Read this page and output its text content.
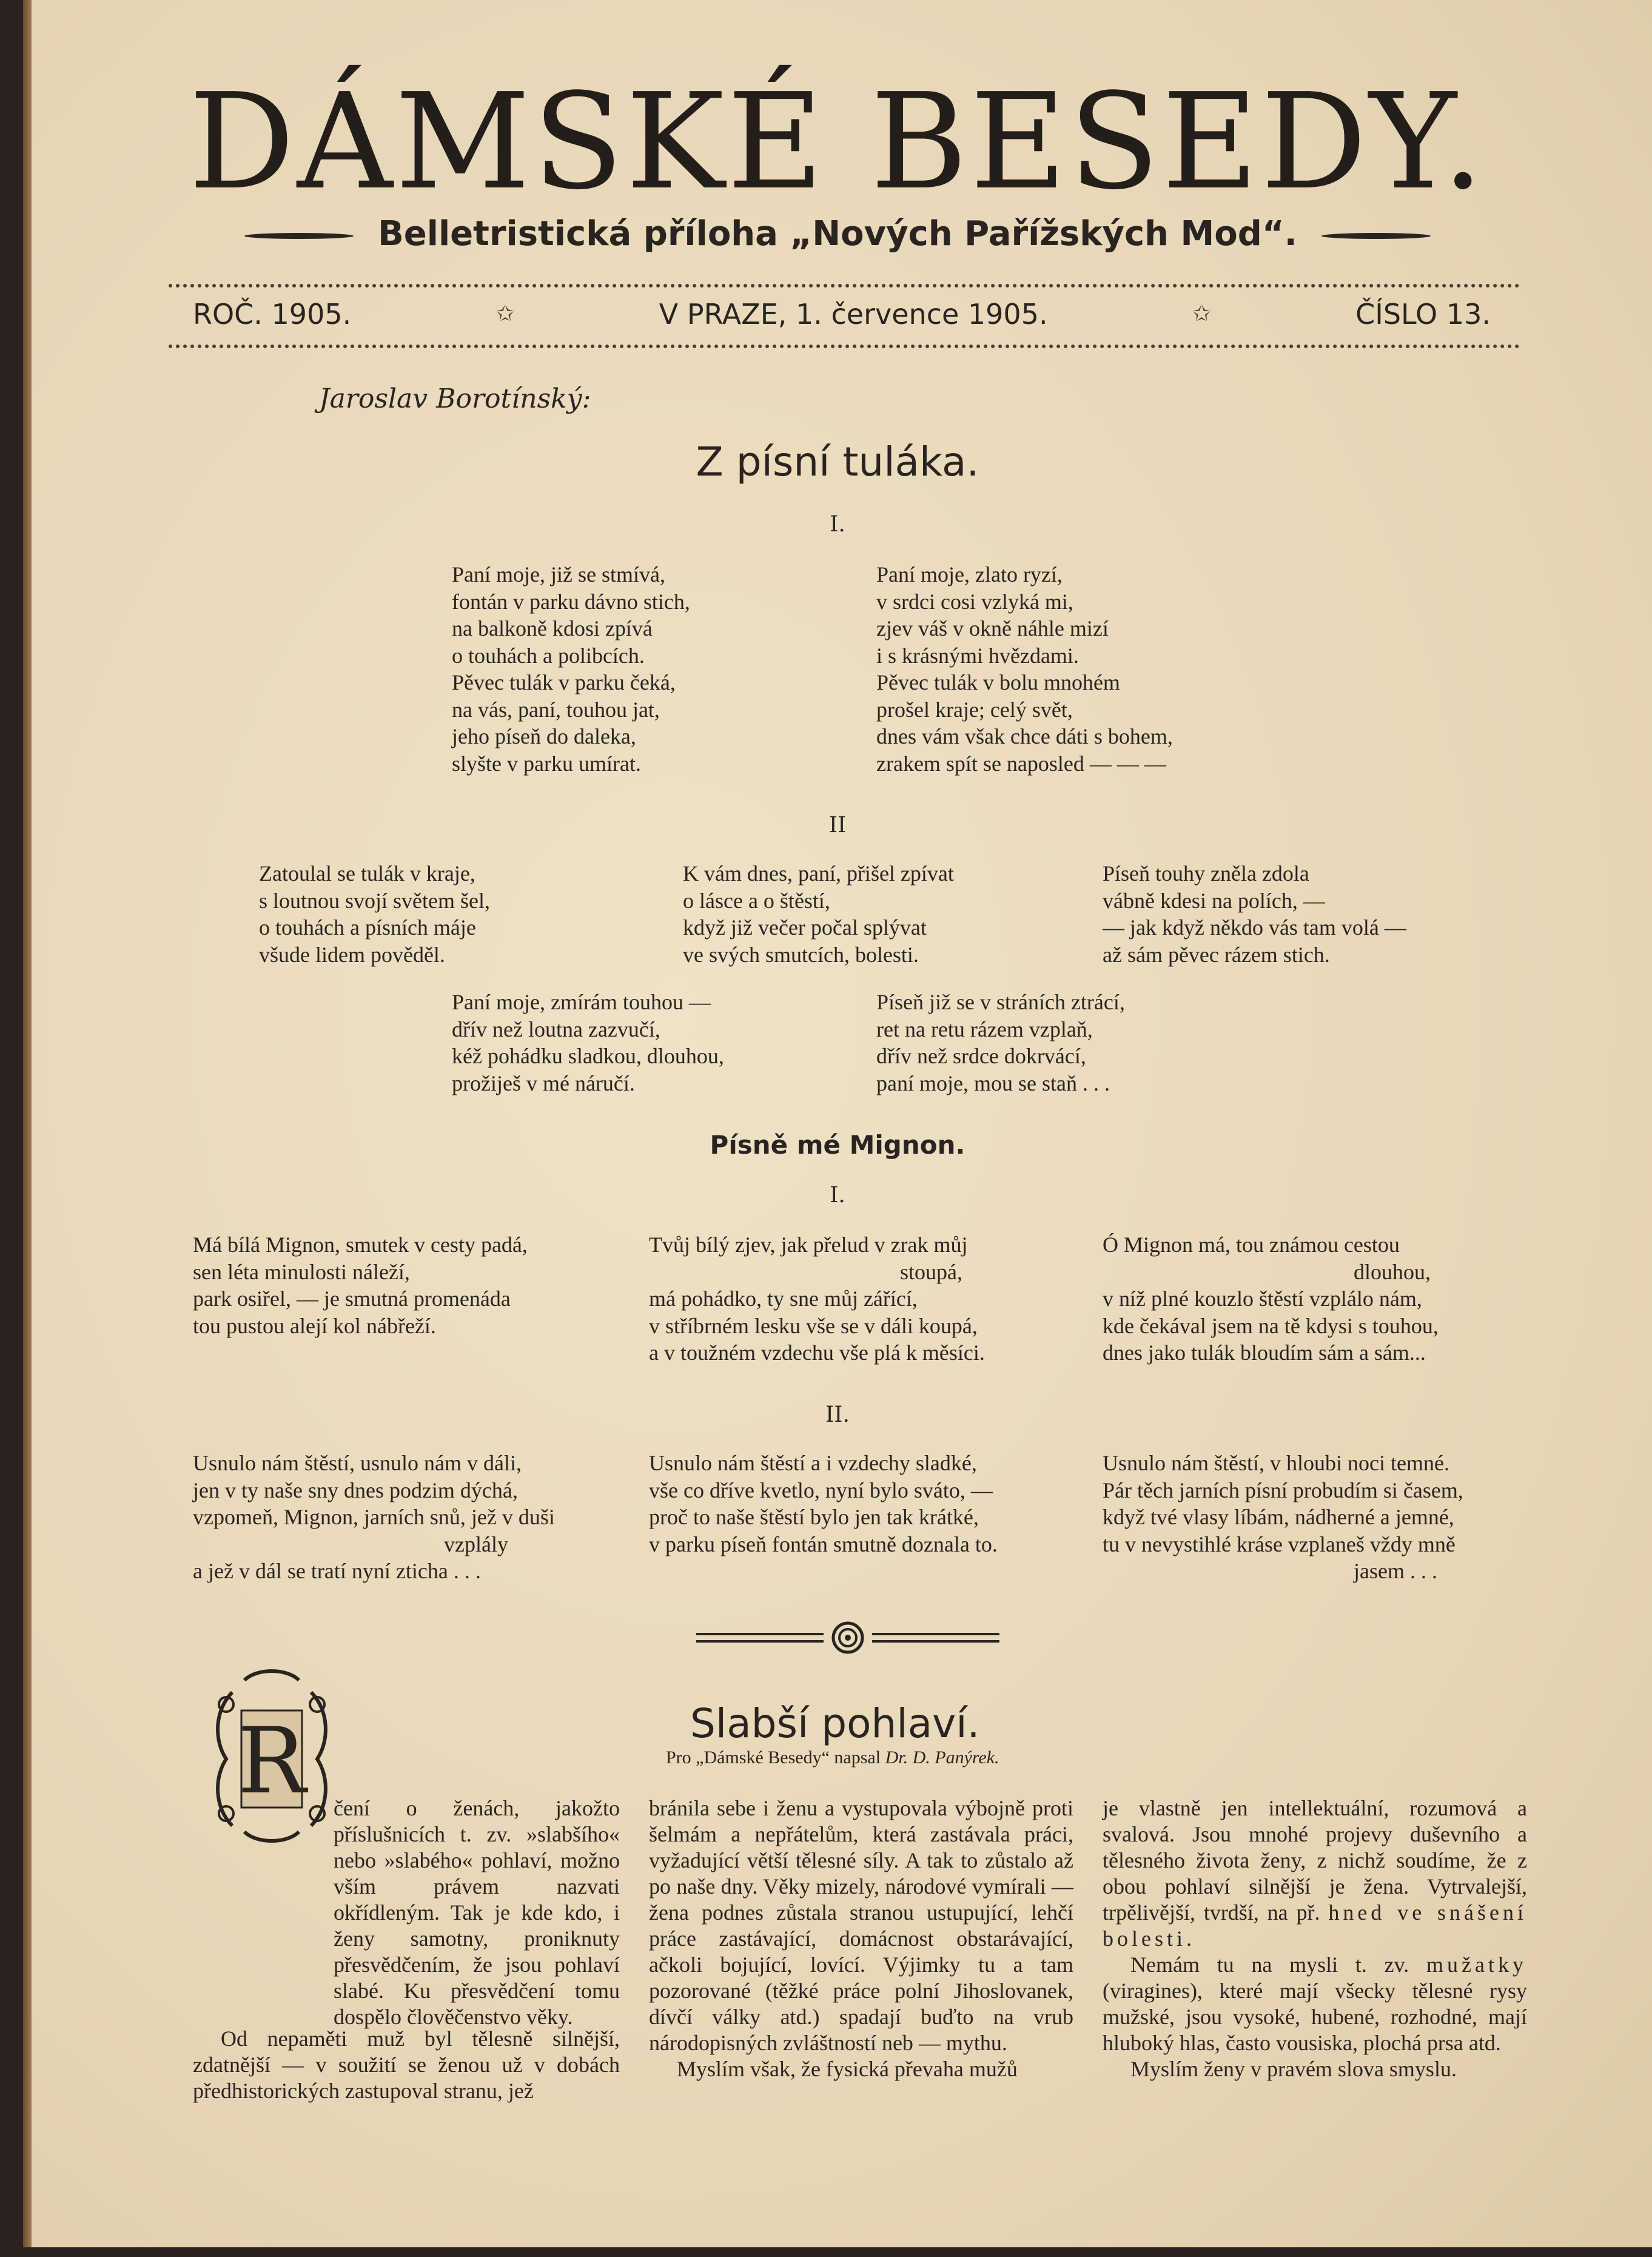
DÁMSKÉ BESEDY.
Belletristická příloha „Nových Pařížských Mod“.
ROČ. 1905.	✩	V PRAZE, 1. července 1905.	✩	ČÍSLO 13.
Jaroslav Borotínský:
Z písní tuláka.
I.
Paní moje, již se stmívá,
fontán v parku dávno stich,
na balkoně kdosi zpívá
o touhách a polibcích.
Pěvec tulák v parku čeká,
na vás, paní, touhou jat,
jeho píseň do daleka,
slyšte v parku umírat.
Paní moje, zlato ryzí,
v srdci cosi vzlyká mi,
zjev váš v okně náhle mizí
i s krásnými hvězdami.
Pěvec tulák v bolu mnohém
prošel kraje; celý svět,
dnes vám však chce dáti s bohem,
zrakem spít se naposled — — —
II
Zatoulal se tulák v kraje,
s loutnou svojí světem šel,
o touhách a písních máje
všude lidem pověděl.
K vám dnes, paní, přišel zpívat
o lásce a o štěstí,
když již večer počal splývat
ve svých smutcích, bolesti.
Píseň touhy zněla zdola
vábně kdesi na polích, —
— jak když někdo vás tam volá —
až sám pěvec rázem stich.
Paní moje, zmírám touhou —
dřív než loutna zazvučí,
kéž pohádku sladkou, dlouhou,
prožiješ v mé náručí.
Píseň již se v stráních ztrácí,
ret na retu rázem vzplaň,
dřív než srdce dokrvácí,
paní moje, mou se staň . . .
Písně mé Mignon.
I.
Má bílá Mignon, smutek v cesty padá,
sen léta minulosti náleží,
park osiřel, — je smutná promenáda
tou pustou alejí kol nábřeží.
Tvůj bílý zjev, jak přelud v zrak můj
stoupá,
má pohádko, ty sne můj zářící,
v stříbrném lesku vše se v dáli koupá,
a v toužném vzdechu vše plá k měsíci.
Ó Mignon má, tou známou cestou
dlouhou,
v níž plné kouzlo štěstí vzplálo nám,
kde čekával jsem na tě kdysi s touhou,
dnes jako tulák bloudím sám a sám...
II.
Usnulo nám štěstí, usnulo nám v dáli,
jen v ty naše sny dnes podzim dýchá,
vzpomeň, Mignon, jarních snů, jež v duši
vzplály
a jež v dál se tratí nyní zticha . . .
Usnulo nám štěstí a i vzdechy sladké,
vše co dříve kvetlo, nyní bylo sváto, —
proč to naše štěstí bylo jen tak krátké,
v parku píseň fontán smutně doznala to.
Usnulo nám štěstí, v hloubi noci temné.
Pár těch jarních písní probudím si časem,
když tvé vlasy líbám, nádherné a jemné,
tu v nevystihlé kráse vzplaneš vždy mně
jasem . . .
Slabší pohlaví.
Pro „Dámské Besedy“ napsal Dr. D. Panýrek.
R čení o ženách, jakožto příslušnicích t. zv. »slabšího« nebo »slabého« pohlaví, možno vším právem nazvati okřídleným. Tak je kde kdo, i ženy samotny, proniknuty přesvědčením, že jsou pohlaví slabé. Ku přesvědčení tomu dospělo člověčenstvo věky.

Od nepaměti muž byl tělesně silnější, zdatnější — v soužití se ženou už v dobách předhistorických zastupoval stranu, jež

bránila sebe i ženu a vystupovala výbojně proti šelmám a nepřátelům, která zastávala práci, vyžadující větší tělesné síly. A tak to zůstalo až po naše dny. Věky mizely, národové vymírali — žena podnes zůstala stranou ustupující, lehčí práce zastávající, domácnost obstarávající, ačkoli bojující, lovící. Výjimky tu a tam pozorované (těžké práce polní Jihoslovanek, dívčí války atd.) spadají buďto na vrub národopisných zvláštností neb — mythu.

Myslím však, že fysická převaha mužů

je vlastně jen intellektuální, rozumová a svalová. Jsou mnohé projevy duševního a tělesného života ženy, z nichž soudíme, že z obou pohlaví silnější je žena. Vytrvalejší, trpělivější, tvrdší, na př. hned ve snášení bolesti.

Nemám tu na mysli t. zv. mužatky (viragines), které mají všecky tělesné rysy mužské, jsou vysoké, hubené, rozhodné, mají hluboký hlas, často vousiska, plochá prsa atd.

Myslím ženy v pravém slova smyslu.
